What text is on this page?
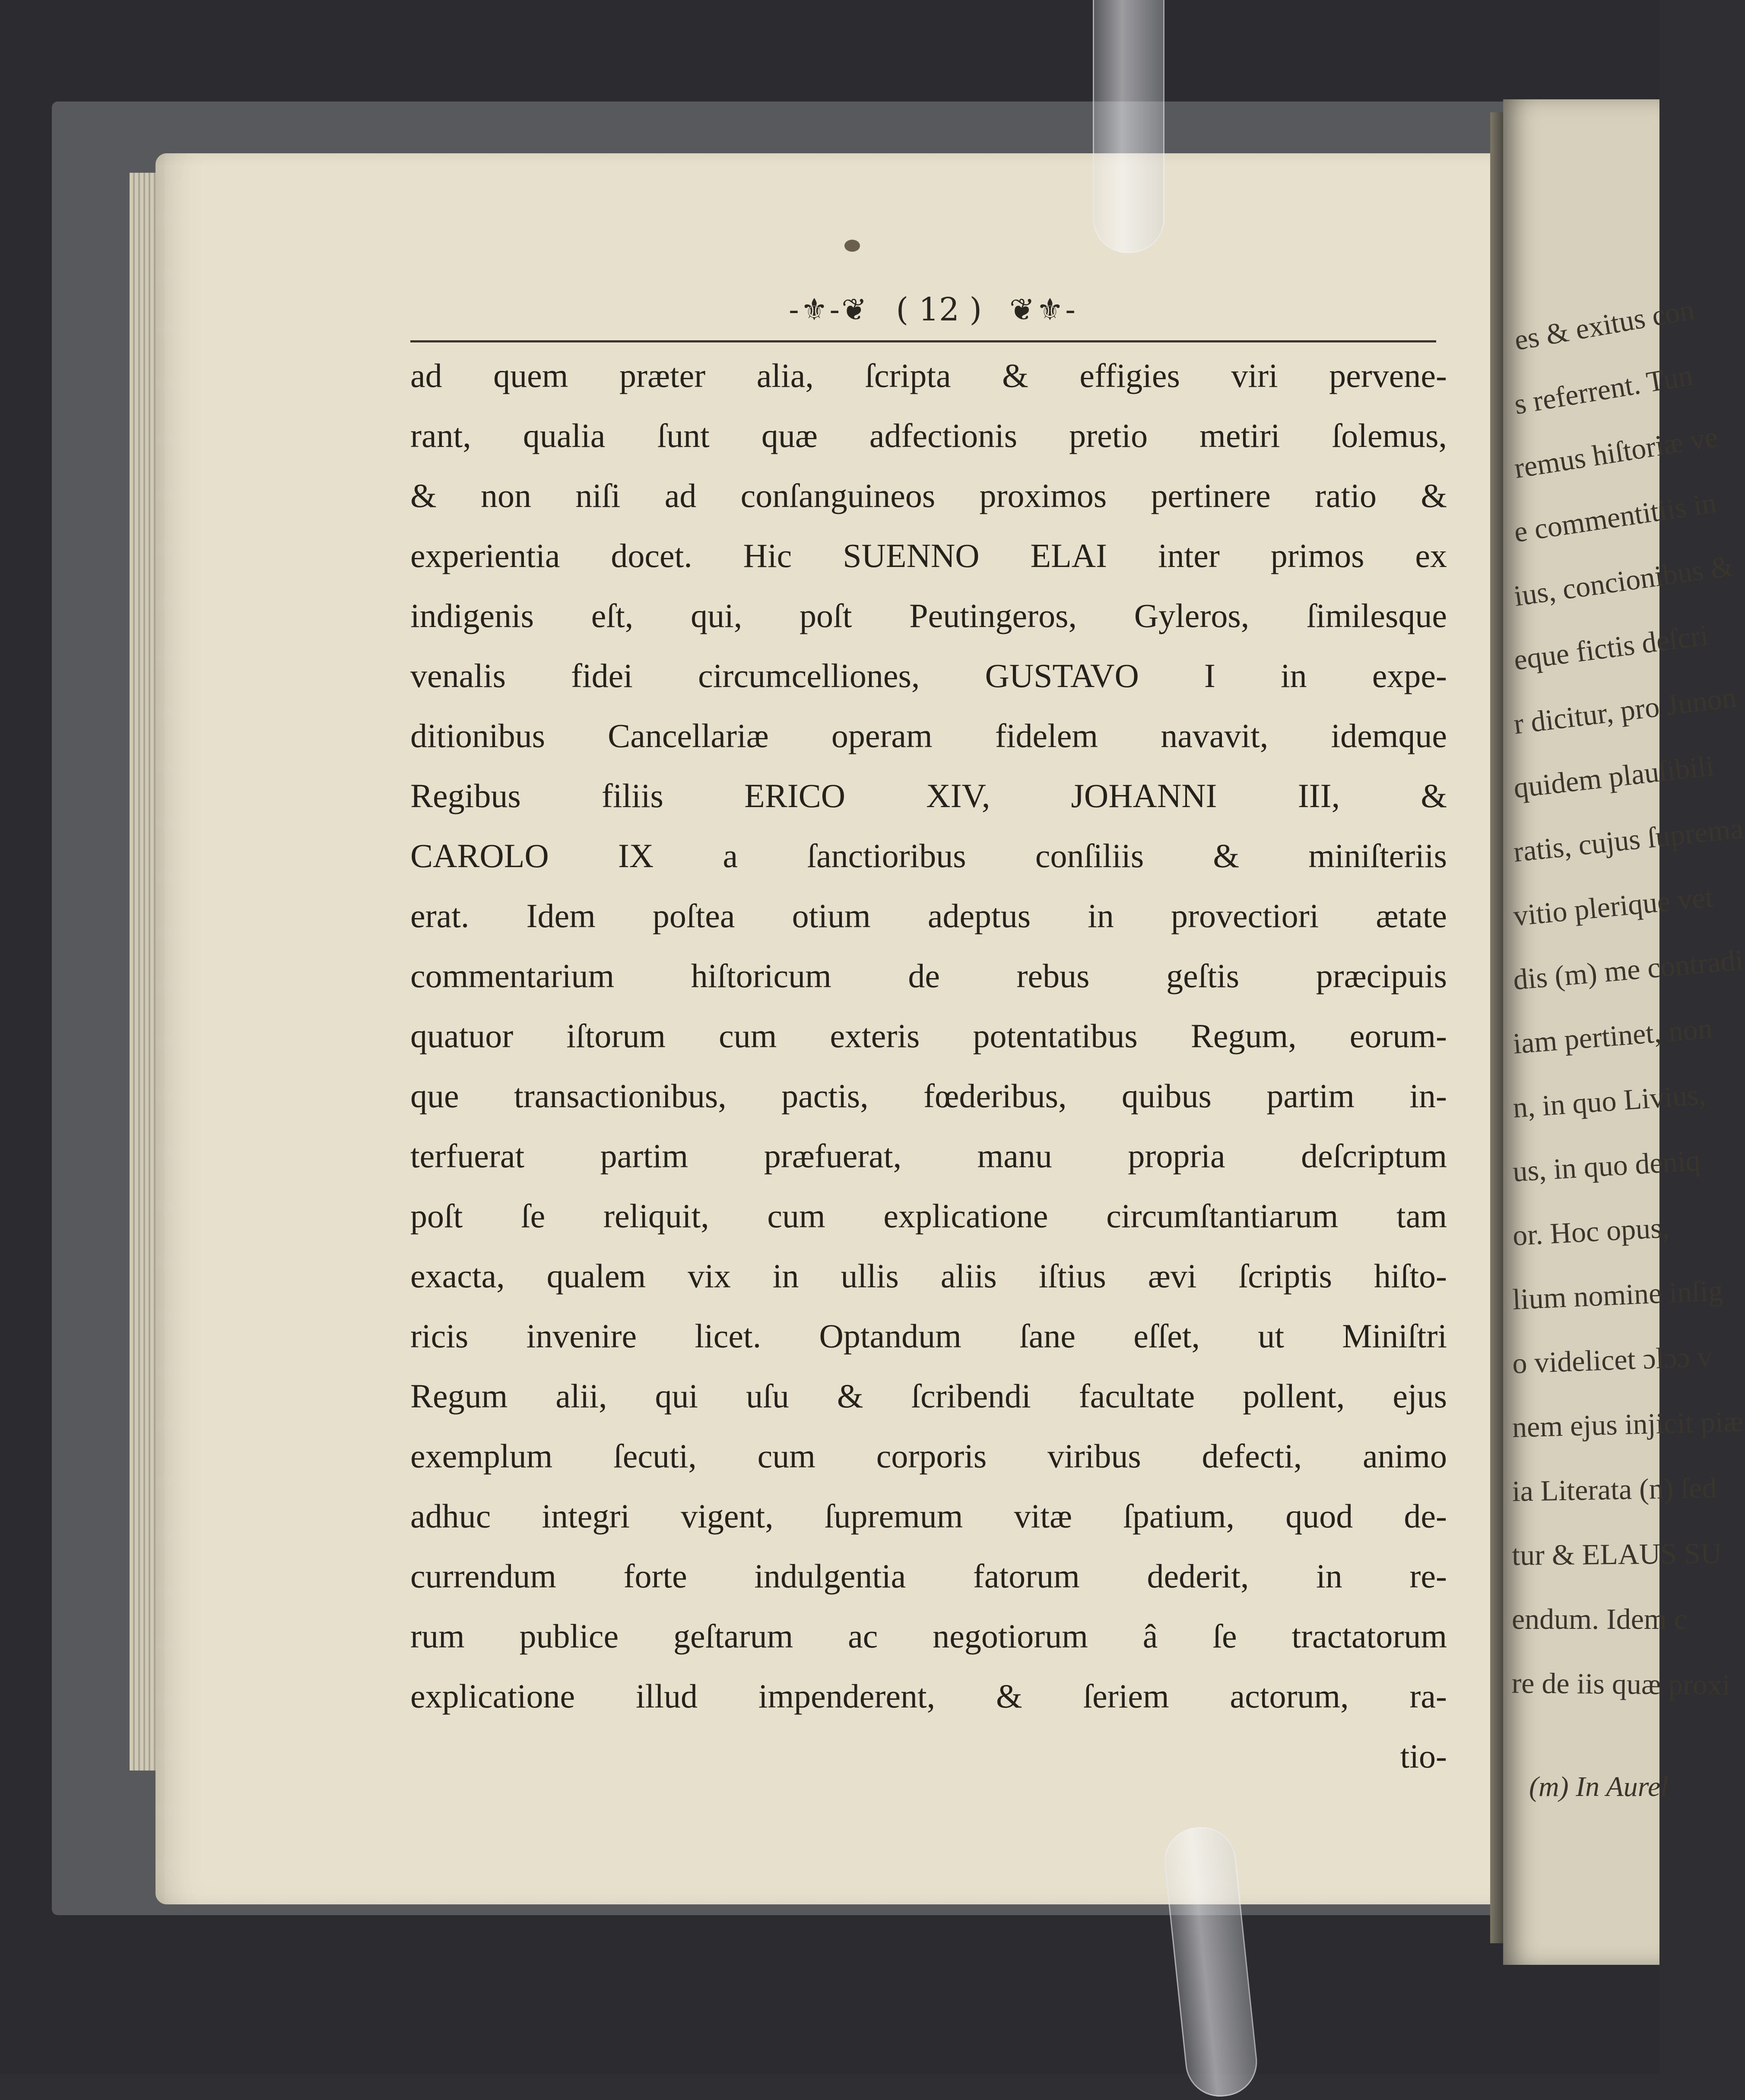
-⚜-❦ ( 12 ) ❦⚜-
ad quem præter alia, ſcripta & effigies viri pervene-
rant, qualia ſunt quæ adfectionis pretio metiri ſolemus,
& non niſi ad conſanguineos proximos pertinere ratio &
experientia docet. Hic SUENNO ELAI inter primos ex
indigenis eſt, qui, poſt Peutingeros, Gyleros, ſimilesque
venalis fidei circumcelliones, GUSTAVO I in expe-
ditionibus Cancellariæ operam fidelem navavit, idemque
Regibus filiis ERICO XIV, JOHANNI III, &
CAROLO IX a ſanctioribus conſiliis & miniſteriis
erat. Idem poſtea otium adeptus in provectiori ætate
commentarium hiſtoricum de rebus geſtis præcipuis
quatuor iſtorum cum exteris potentatibus Regum, eorum-
que transactionibus, pactis, fœderibus, quibus partim in-
terfuerat partim præfuerat, manu propria deſcriptum
poſt ſe reliquit, cum explicatione circumſtantiarum tam
exacta, qualem vix in ullis aliis iſtius ævi ſcriptis hiſto-
ricis invenire licet. Optandum ſane eſſet, ut Miniſtri
Regum alii, qui uſu & ſcribendi facultate pollent, ejus
exemplum ſecuti, cum corporis viribus defecti, animo
adhuc integri vigent, ſupremum vitæ ſpatium, quod de-
currendum forte indulgentia fatorum dederit, in re-
rum publice geſtarum ac negotiorum â ſe tractatorum
explicatione illud impenderent, & ſeriem actorum, ra-
tio-
(m) In Aurel
es & exitus con
s referrent. Tun
remus hiſtoriæ ve
e commentitiis in
ius, concionibus &
eque fictis deſcri
r dicitur, pro Junon
quidem plauſibili
ratis, cujus ſuprema
vitio plerique vet
dis (m) me contradi
iam pertinet, non
n, in quo Livius,
us, in quo deniq
or. Hoc opus,
lium nomine inſig
o videlicet ɔlɔɔ v
nem ejus injicit piæ
ia Literata (n) ſed
tur & ELAUS SU
endum. Idem c
re de iis quæ proxi
